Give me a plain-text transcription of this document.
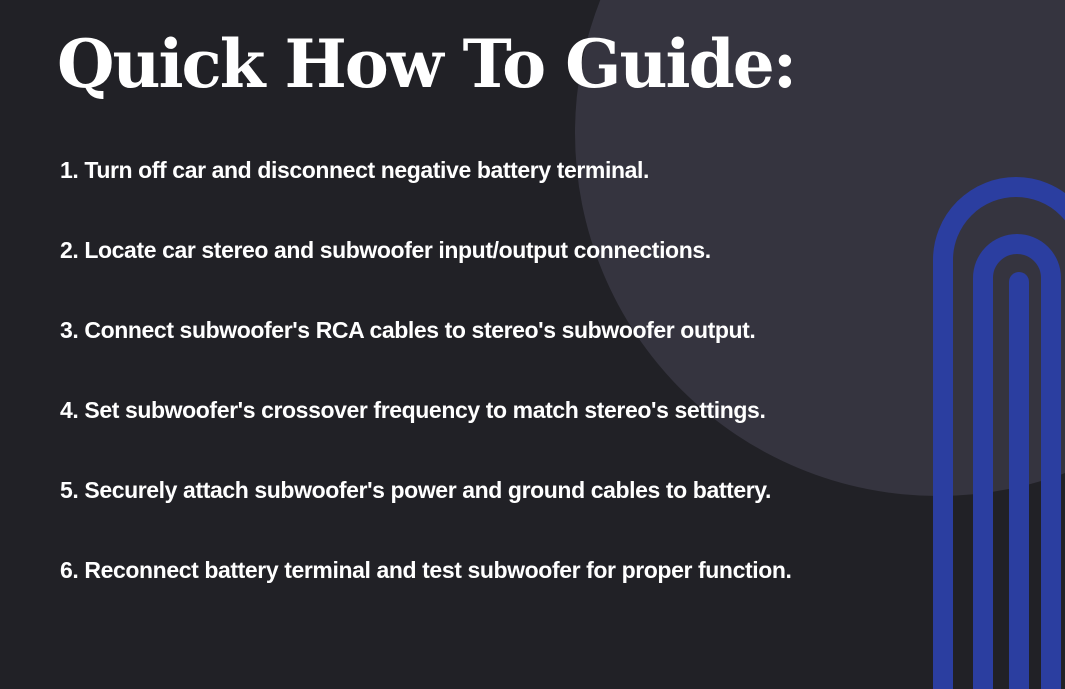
Quick How To Guide:
1. Turn off car and disconnect negative battery terminal.
2. Locate car stereo and subwoofer input/output connections.
3. Connect subwoofer's RCA cables to stereo's subwoofer output.
4. Set subwoofer's crossover frequency to match stereo's settings.
5. Securely attach subwoofer's power and ground cables to battery.
6. Reconnect battery terminal and test subwoofer for proper function.
